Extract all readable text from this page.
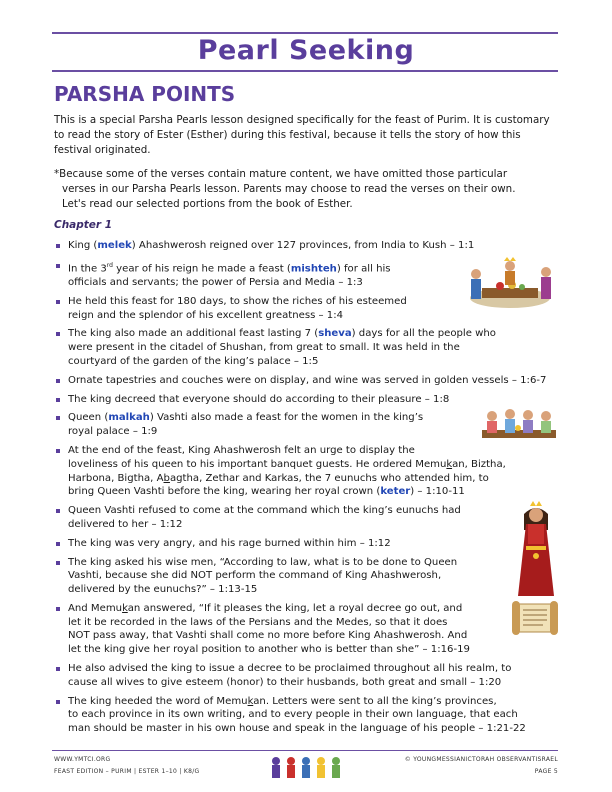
Pearl Seeking
PARSHA POINTS
This is a special Parsha Pearls lesson designed specifically for the feast of Purim. It is customary to read the story of Ester (Esther) during this festival, because it tells the story of how this festival originated.

*Because some of the verses contain mature content, we have omitted those particular

verses in our Parsha Pearls lesson. Parents may choose to read the verses on their own.

Let's read our selected portions from the book of Esther.

Chapter 1
King (melek) Ahashwerosh reigned over 127 provinces, from India to Kush – 1:1
In the 3rd year of his reign he made a feast (mishteh) for all his
officials and servants; the power of Persia and Media – 1:3
He held this feast for 180 days, to show the riches of his esteemed
reign and the splendor of his excellent greatness – 1:4
The king also made an additional feast lasting 7 (sheva) days for all the people who
were present in the citadel of Shushan, from great to small. It was held in the
courtyard of the garden of the king’s palace – 1:5
Ornate tapestries and couches were on display, and wine was served in golden vessels – 1:6-7
The king decreed that everyone should do according to their pleasure – 1:8
Queen (malkah) Vashti also made a feast for the women in the king’s
royal palace – 1:9
At the end of the feast, King Ahashwerosh felt an urge to display the
loveliness of his queen to his important banquet guests. He ordered Memukan, Biztha,
Harbona, Bigtha, Abagtha, Zethar and Karkas, the 7 eunuchs who attended him, to
bring Queen Vashti before the king, wearing her royal crown (keter) – 1:10-11
Queen Vashti refused to come at the command which the king’s eunuchs had
delivered to her – 1:12
The king was very angry, and his rage burned within him – 1:12
The king asked his wise men, “According to law, what is to be done to Queen
Vashti, because she did NOT perform the command of King Ahashwerosh,
delivered by the eunuchs?” – 1:13-15
And Memukan answered, “If it pleases the king, let a royal decree go out, and
let it be recorded in the laws of the Persians and the Medes, so that it does
NOT pass away, that Vashti shall come no more before King Ahashwerosh. And
let the king give her royal position to another who is better than she” – 1:16-19
He also advised the king to issue a decree to be proclaimed throughout all his realm, to
cause all wives to give esteem (honor) to their husbands, both great and small – 1:20
The king heeded the word of Memukan. Letters were sent to all the king’s provinces,
to each province in its own writing, and to every people in their own language, that each
man should be master in his own house and speak in the language of his people – 1:21-22
WWW.YMTCI.ORG
FEAST EDITION – PURIM | ESTER 1–10 | K8/G
© YOUNGMESSIANICTORAH OBSERVANTISRAEL
PAGE 5
